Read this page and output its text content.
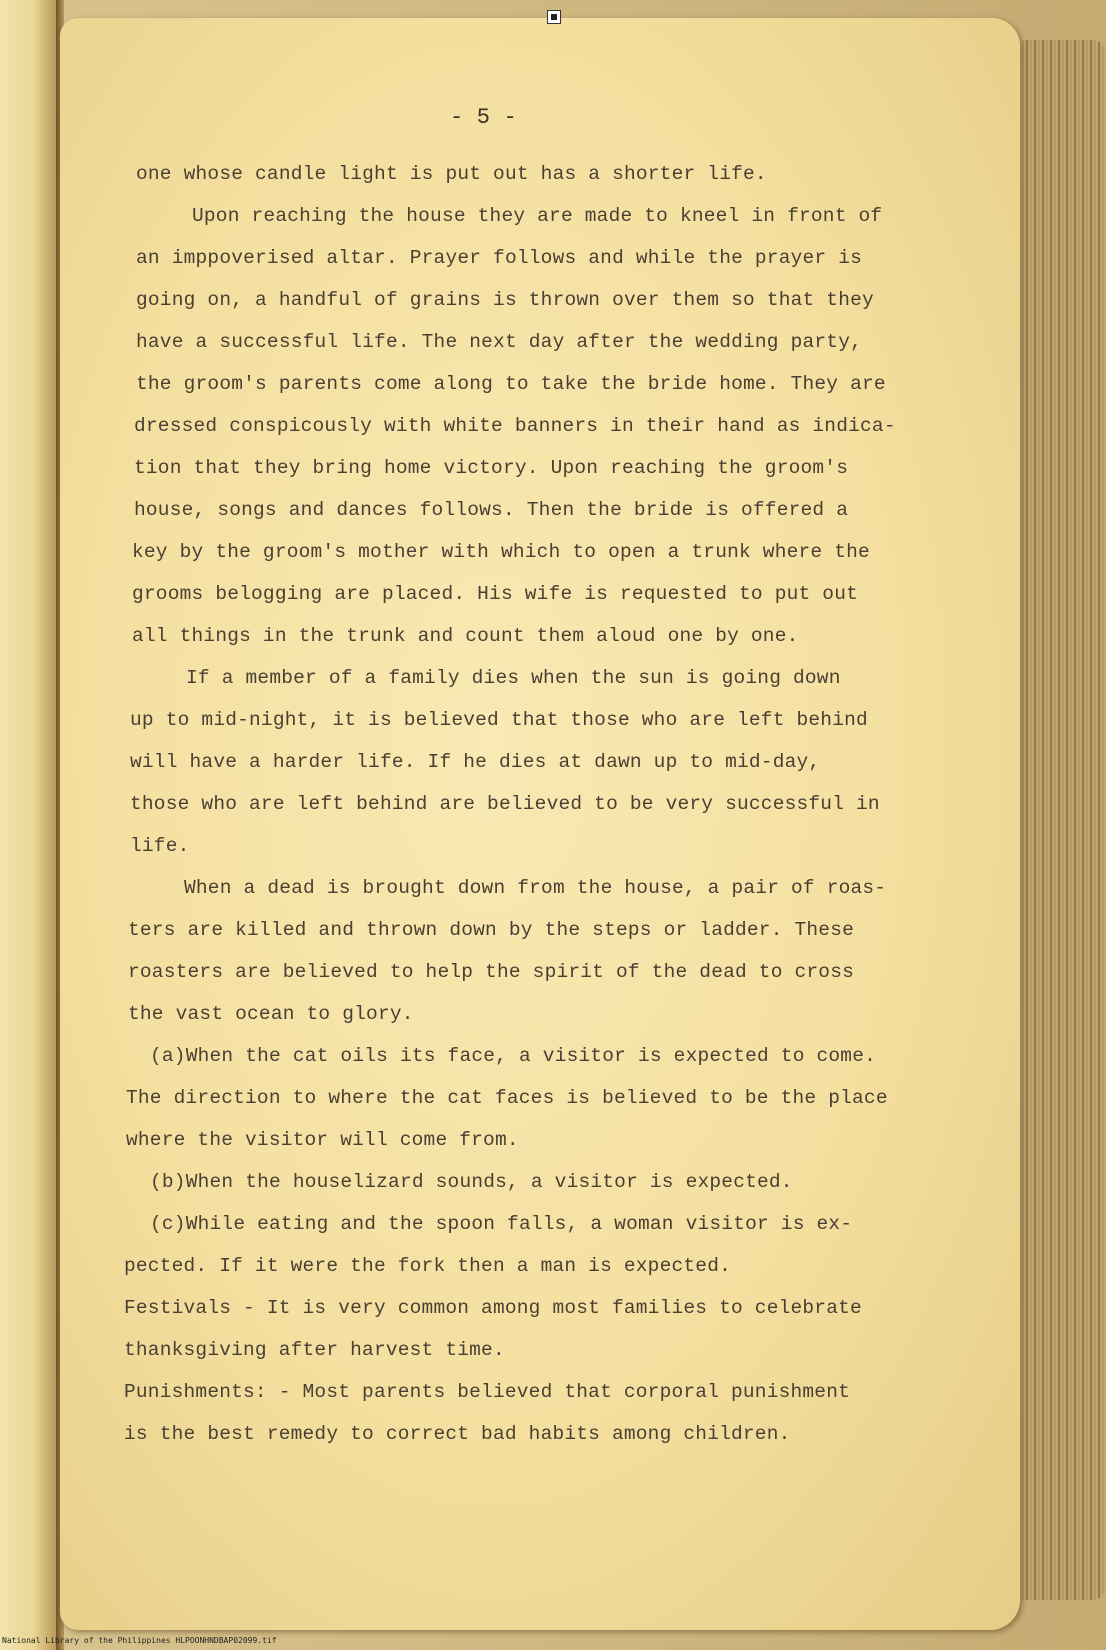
- 5 -
one whose candle light is put out has a shorter life.
Upon reaching the house they are made to kneel in front of
an imppoverised altar. Prayer follows and while the prayer is
going on, a handful of grains is thrown over them so that they
have a successful life. The next day after the wedding party,
the groom's parents come along to take the bride home. They are
dressed conspicously with white banners in their hand as indica-
tion that they bring home victory. Upon reaching the groom's
house, songs and dances follows. Then the bride is offered a
key by the groom's mother with which to open a trunk where the
grooms belogging are placed. His wife is requested to put out
all things in the trunk and count them aloud one by one.
If a member of a family dies when the sun is going down
up to mid-night, it is believed that those who are left behind
will have a harder life. If he dies at dawn up to mid-day,
those who are left behind are believed to be very successful in
life.
When a dead is brought down from the house, a pair of roas-
ters are killed and thrown down by the steps or ladder. These
roasters are believed to help the spirit of the dead to cross
the vast ocean to glory.
(a)When the cat oils its face, a visitor is expected to come.
The direction to where the cat faces is believed to be the place
where the visitor will come from.
(b)When the houselizard sounds, a visitor is expected.
(c)While eating and the spoon falls, a woman visitor is ex-
pected. If it were the fork then a man is expected.
Festivals - It is very common among most families to celebrate
thanksgiving after harvest time.
Punishments: - Most parents believed that corporal punishment
is the best remedy to correct bad habits among children.
National Library of the Philippines HLPOONHNDBAP02099.tif
